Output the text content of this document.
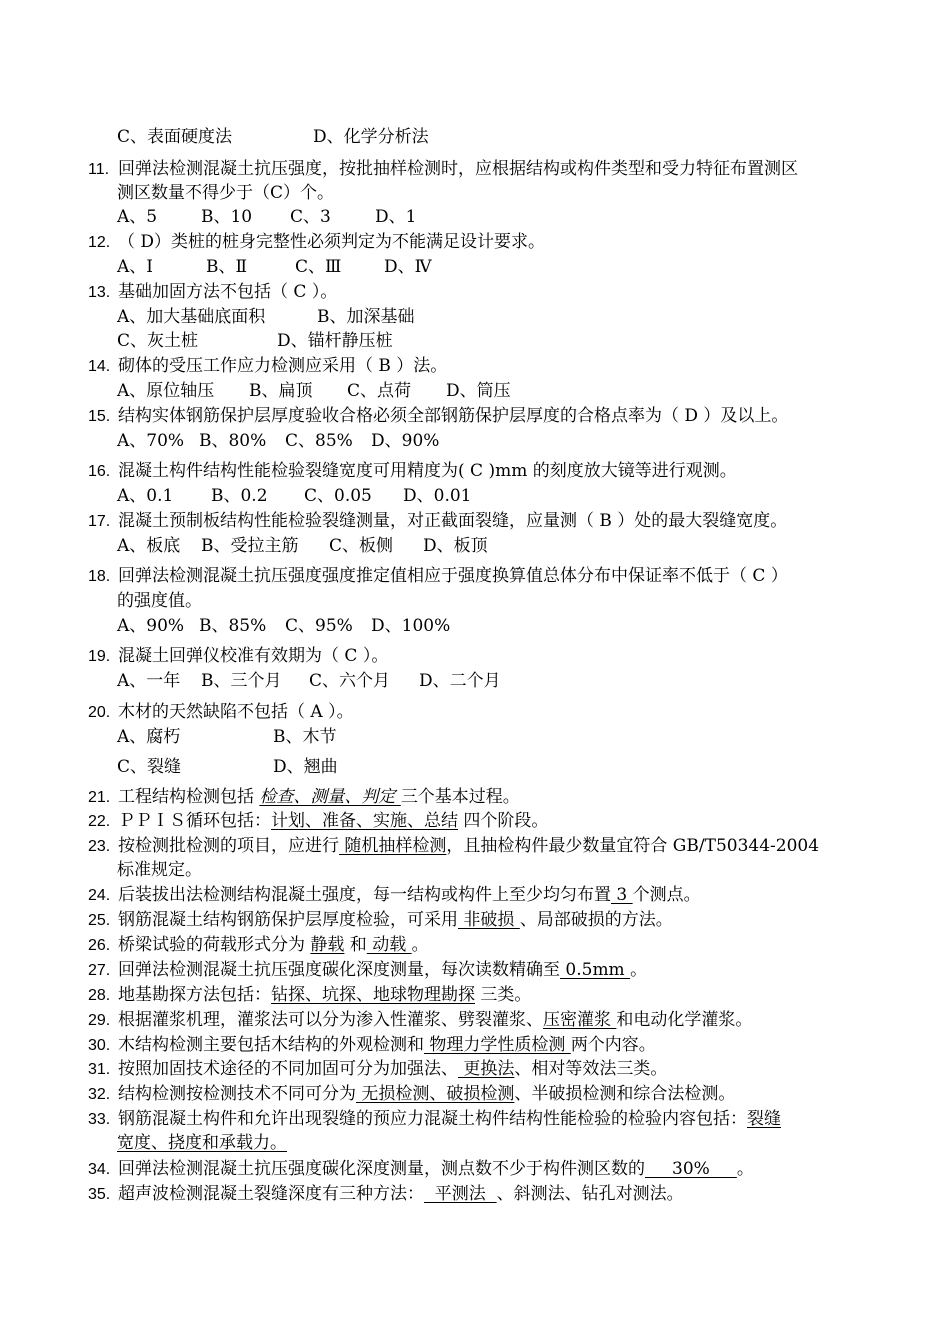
C、表面硬度法	D、化学分析法
11. 回弹法检测混凝土抗压强度，按批抽样检测时，应根据结构或构件类型和受力特征布置测区
测区数量不得少于（C）个。
A、5	B、10 C、3	D、1
12. （ D）类桩的桩身完整性必须判定为不能满足设计要求。
A、Ⅰ	B、Ⅱ	C、Ⅲ	D、Ⅳ
13. 基础加固方法不包括（ C ）。
A、加大基础底面积	B、加深基础
C、灰土桩	D、锚杆静压桩
14. 砌体的受压工作应力检测应采用（ B ）法。
A、原位轴压 B、扁顶 C、点荷 D、筒压
15. 结构实体钢筋保护层厚度验收合格必须全部钢筋保护层厚度的合格点率为（ D ）及以上。
A、70% B、80% C、85% D、90%
16. 混凝土构件结构性能检验裂缝宽度可用精度为( C )mm 的刻度放大镜等进行观测。
A、0.1 B、0.2 C、0.05 D、0.01
17. 混凝土预制板结构性能检验裂缝测量，对正截面裂缝，应量测（ B ）处的最大裂缝宽度。
A、板底 B、受拉主筋 C、板侧 D、板顶
18. 回弹法检测混凝土抗压强度强度推定值相应于强度换算值总体分布中保证率不低于（ C ）
的强度值。
A、90% B、85% C、95% D、100%
19. 混凝土回弹仪校准有效期为（ C ）。
A、一年 B、三个月 C、六个月 D、二个月
20. 木材的天然缺陷不包括（ A ）。
A、腐朽	B、木节
C、裂缝	D、翘曲
21. 工程结构检测包括 检查、测量、判定 三个基本过程。
22. ＰＰＩＳ循环包括：计划、准备、实施、总结 四个阶段。
23. 按检测批检测的项目，应进行 随机抽样检测，且抽检构件最少数量宜符合 GB/T50344-2004
标准规定。
24. 后装拔出法检测结构混凝土强度，每一结构或构件上至少均匀布置 3 个测点。
25. 钢筋混凝土结构钢筋保护层厚度检验，可采用 非破损 、局部破损的方法。
26. 桥梁试验的荷载形式分为 静载 和 动载 。
27. 回弹法检测混凝土抗压强度碳化深度测量，每次读数精确至 0.5mm 。
28. 地基勘探方法包括：钻探、坑探、地球物理勘探 三类。
29. 根据灌浆机理，灌浆法可以分为渗入性灌浆、劈裂灌浆、压密灌浆 和电动化学灌浆。
30. 木结构检测主要包括木结构的外观检测和 物理力学性质检测 两个内容。
31. 按照加固技术途径的不同加固可分为加强法、 更换法、相对等效法三类。
32. 结构检测按检测技术不同可分为 无损检测、破损检测、半破损检测和综合法检测。
33. 钢筋混凝土构件和允许出现裂缝的预应力混凝土构件结构性能检验的检验内容包括：裂缝
宽度、挠度和承载力。
34. 回弹法检测混凝土抗压强度碳化深度测量，测点数不少于构件测区数的     30%     。
35. 超声波检测混凝土裂缝深度有三种方法：  平测法  、斜测法、钻孔对测法。
